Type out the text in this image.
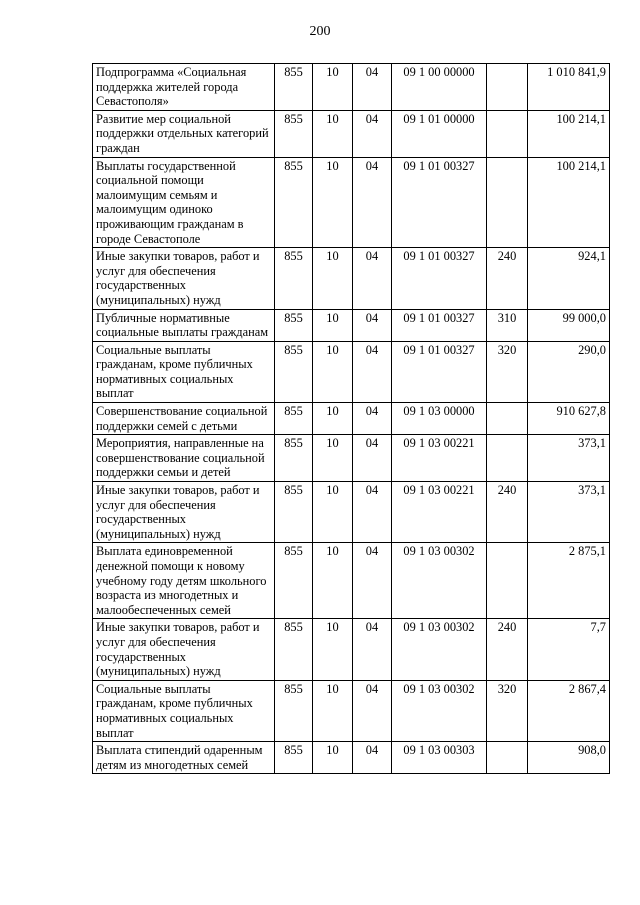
200
Подпрограмма «Социальная поддержка жителей города Севастополя»	855	10	04	09 1 00 00000		1 010 841,9
Развитие мер социальной поддержки отдельных категорий граждан	855	10	04	09 1 01 00000		100 214,1
Выплаты государственной социальной помощи малоимущим семьям и малоимущим одиноко проживающим гражданам в городе Севастополе	855	10	04	09 1 01 00327		100 214,1
Иные закупки товаров, работ и услуг для обеспечения государственных (муниципальных) нужд	855	10	04	09 1 01 00327	240	924,1
Публичные нормативные социальные выплаты гражданам	855	10	04	09 1 01 00327	310	99 000,0
Социальные выплаты гражданам, кроме публичных нормативных социальных выплат	855	10	04	09 1 01 00327	320	290,0
Совершенствование социальной поддержки семей с детьми	855	10	04	09 1 03 00000		910 627,8
Мероприятия, направленные на совершенствование социальной поддержки семьи и детей	855	10	04	09 1 03 00221		373,1
Иные закупки товаров, работ и услуг для обеспечения государственных (муниципальных) нужд	855	10	04	09 1 03 00221	240	373,1
Выплата единовременной денежной помощи к новому учебному году детям школьного возраста из многодетных и малообеспеченных семей	855	10	04	09 1 03 00302		2 875,1
Иные закупки товаров, работ и услуг для обеспечения государственных (муниципальных) нужд	855	10	04	09 1 03 00302	240	7,7
Социальные выплаты гражданам, кроме публичных нормативных социальных выплат	855	10	04	09 1 03 00302	320	2 867,4
Выплата стипендий одаренным детям из многодетных семей	855	10	04	09 1 03 00303		908,0
